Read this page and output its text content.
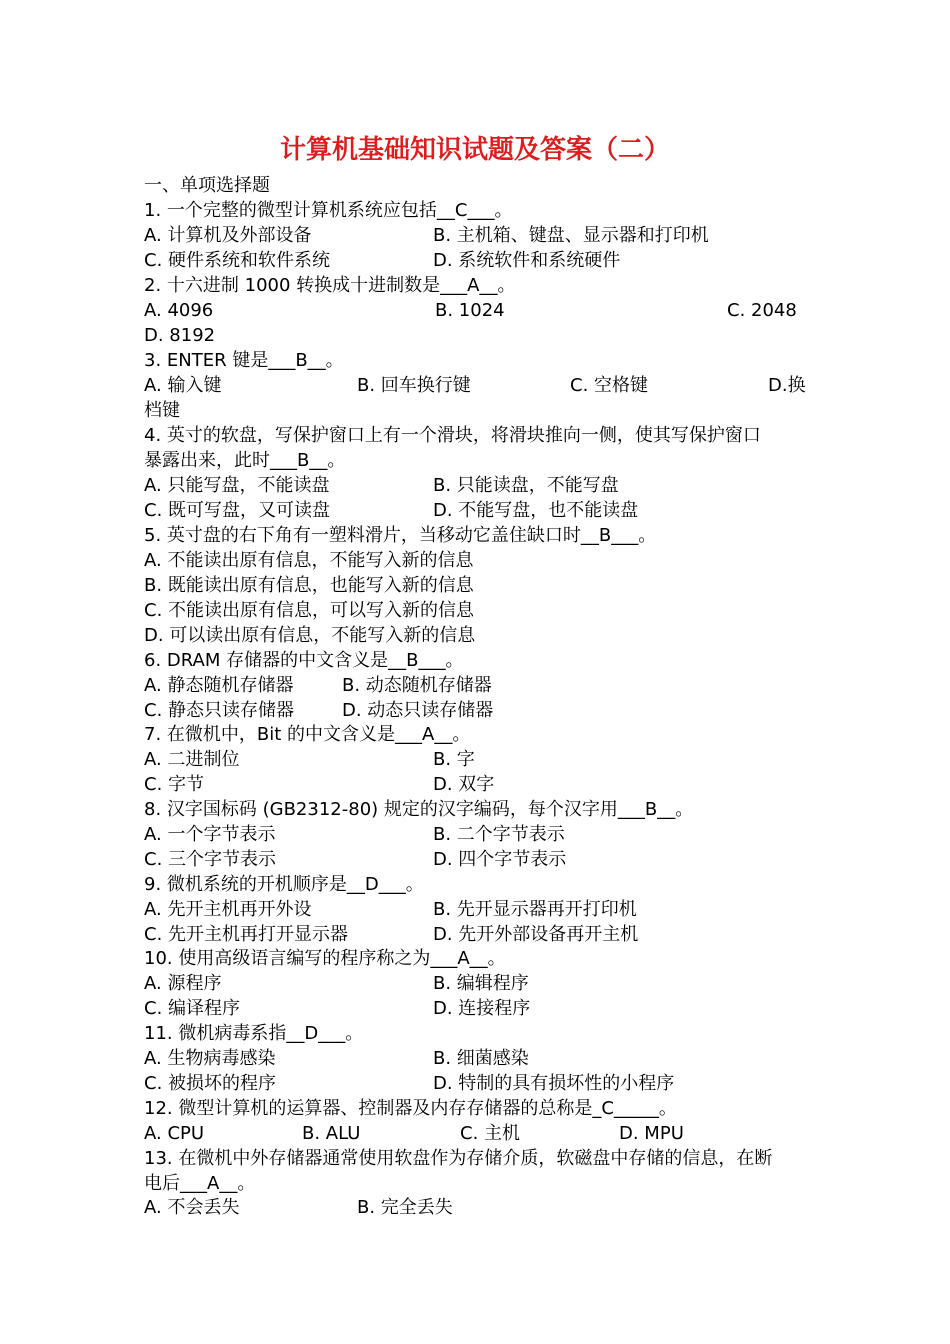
计算机基础知识试题及答案（二）
一、单项选择题
1. 一个完整的微型计算机系统应包括__C___。
A. 计算机及外部设备	B. 主机箱、键盘、显示器和打印机
C. 硬件系统和软件系统	D. 系统软件和系统硬件
2. 十六进制 1000 转换成十进制数是___A__。
A. 4096	B. 1024	C. 2048
D. 8192
3. ENTER 键是___B__。
A. 输入键	B. 回车换行键	C. 空格键	D.换
档键
4. 英寸的软盘，写保护窗口上有一个滑块，将滑块推向一侧，使其写保护窗口
暴露出来，此时___B__。
A. 只能写盘，不能读盘	B. 只能读盘，不能写盘
C. 既可写盘，又可读盘	D. 不能写盘，也不能读盘
5. 英寸盘的右下角有一塑料滑片，当移动它盖住缺口时__B___。
A. 不能读出原有信息，不能写入新的信息
B. 既能读出原有信息，也能写入新的信息
C. 不能读出原有信息，可以写入新的信息
D. 可以读出原有信息，不能写入新的信息
6. DRAM 存储器的中文含义是__B___。
A. 静态随机存储器	B. 动态随机存储器
C. 静态只读存储器	D. 动态只读存储器
7. 在微机中，Bit 的中文含义是___A__。
A. 二进制位	B. 字
C. 字节	D. 双字
8. 汉字国标码 (GB2312-80) 规定的汉字编码，每个汉字用___B__。
A. 一个字节表示	B. 二个字节表示
C. 三个字节表示	D. 四个字节表示
9. 微机系统的开机顺序是__D___。
A. 先开主机再开外设	B. 先开显示器再开打印机
C. 先开主机再打开显示器	D. 先开外部设备再开主机
10. 使用高级语言编写的程序称之为___A__。
A. 源程序	B. 编辑程序
C. 编译程序	D. 连接程序
11. 微机病毒系指__D___。
A. 生物病毒感染	B. 细菌感染
C. 被损坏的程序	D. 特制的具有损坏性的小程序
12. 微型计算机的运算器、控制器及内存存储器的总称是_C_____。
A. CPU	B. ALU	C. 主机	D. MPU
13. 在微机中外存储器通常使用软盘作为存储介质，软磁盘中存储的信息，在断
电后___A__。
A. 不会丢失	B. 完全丢失
